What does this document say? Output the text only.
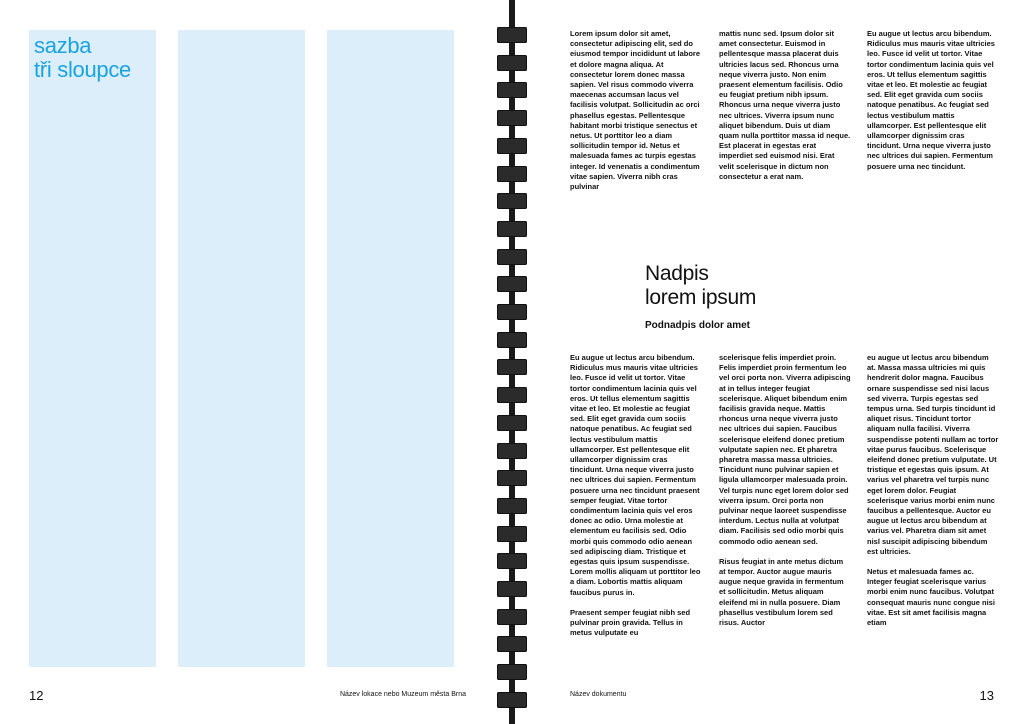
sazba
tři sloupce
12	Název lokace nebo Muzeum města Brna

Lorem ipsum dolor sit amet, consectetur adipiscing elit, sed do eiusmod tempor incididunt ut labore et dolore magna aliqua. At consectetur lorem donec massa sapien. Vel risus commodo viverra maecenas accumsan lacus vel facilisis volutpat. Sollicitudin ac orci phasellus egestas. Pellentesque habitant morbi tristique senectus et netus. Ut porttitor leo a diam sollicitudin tempor id. Netus et malesuada fames ac turpis egestas integer. Id venenatis a condimentum vitae sapien. Viverra nibh cras pulvinar

mattis nunc sed. Ipsum dolor sit amet consectetur. Euismod in pellentesque massa placerat duis ultricies lacus sed. Rhoncus urna neque viverra justo. Non enim praesent elementum facilisis. Odio eu feugiat pretium nibh ipsum. Rhoncus urna neque viverra justo nec ultrices. Viverra ipsum nunc aliquet bibendum. Duis ut diam quam nulla porttitor massa id neque. Est placerat in egestas erat imperdiet sed euismod nisi. Erat velit scelerisque in dictum non consectetur a erat nam.

Eu augue ut lectus arcu bibendum. Ridiculus mus mauris vitae ultricies leo. Fusce id velit ut tortor. Vitae tortor condimentum lacinia quis vel eros. Ut tellus elementum sagittis vitae et leo. Et molestie ac feugiat sed. Elit eget gravida cum sociis natoque penatibus. Ac feugiat sed lectus vestibulum mattis ullamcorper. Est pellentesque elit ullamcorper dignissim cras tincidunt. Urna neque viverra justo nec ultrices dui sapien. Fermentum posuere urna nec tincidunt.

Nadpis
lorem ipsum
Podnadpis dolor amet

Eu augue ut lectus arcu bibendum. Ridiculus mus mauris vitae ultricies leo. Fusce id velit ut tortor. Vitae tortor condimentum lacinia quis vel eros. Ut tellus elementum sagittis vitae et leo. Et molestie ac feugiat sed. Elit eget gravida cum sociis natoque penatibus. Ac feugiat sed lectus vestibulum mattis ullamcorper. Est pellentesque elit ullamcorper dignissim cras tincidunt. Urna neque viverra justo nec ultrices dui sapien. Fermentum posuere urna nec tincidunt praesent semper feugiat. Vitae tortor condimentum lacinia quis vel eros donec ac odio. Urna molestie at elementum eu facilisis sed. Odio morbi quis commodo odio aenean sed adipiscing diam. Tristique et egestas quis ipsum suspendisse. Lorem mollis aliquam ut porttitor leo a diam. Lobortis mattis aliquam faucibus purus in.

Praesent semper feugiat nibh sed pulvinar proin gravida. Tellus in metus vulputate eu

scelerisque felis imperdiet proin. Felis imperdiet proin fermentum leo vel orci porta non. Viverra adipiscing at in tellus integer feugiat scelerisque. Aliquet bibendum enim facilisis gravida neque. Mattis rhoncus urna neque viverra justo nec ultrices dui sapien. Faucibus scelerisque eleifend donec pretium vulputate sapien nec. Et pharetra pharetra massa massa ultricies. Tincidunt nunc pulvinar sapien et ligula ullamcorper malesuada proin. Vel turpis nunc eget lorem dolor sed viverra ipsum. Orci porta non pulvinar neque laoreet suspendisse interdum. Lectus nulla at volutpat diam. Facilisis sed odio morbi quis commodo odio aenean sed.

Risus feugiat in ante metus dictum at tempor. Auctor augue mauris augue neque gravida in fermentum et sollicitudin. Metus aliquam eleifend mi in nulla posuere. Diam phasellus vestibulum lorem sed risus. Auctor

eu augue ut lectus arcu bibendum at. Massa massa ultricies mi quis hendrerit dolor magna. Faucibus ornare suspendisse sed nisi lacus sed viverra. Turpis egestas sed tempus urna. Sed turpis tincidunt id aliquet risus. Tincidunt tortor aliquam nulla facilisi. Viverra suspendisse potenti nullam ac tortor vitae purus faucibus. Scelerisque eleifend donec pretium vulputate. Ut tristique et egestas quis ipsum. At varius vel pharetra vel turpis nunc eget lorem dolor. Feugiat scelerisque varius morbi enim nunc faucibus a pellentesque. Auctor eu augue ut lectus arcu bibendum at varius vel. Pharetra diam sit amet nisl suscipit adipiscing bibendum est ultricies.

Netus et malesuada fames ac. Integer feugiat scelerisque varius morbi enim nunc faucibus. Volutpat consequat mauris nunc congue nisi vitae. Est sit amet facilisis magna etiam

Název dokumentu	13
